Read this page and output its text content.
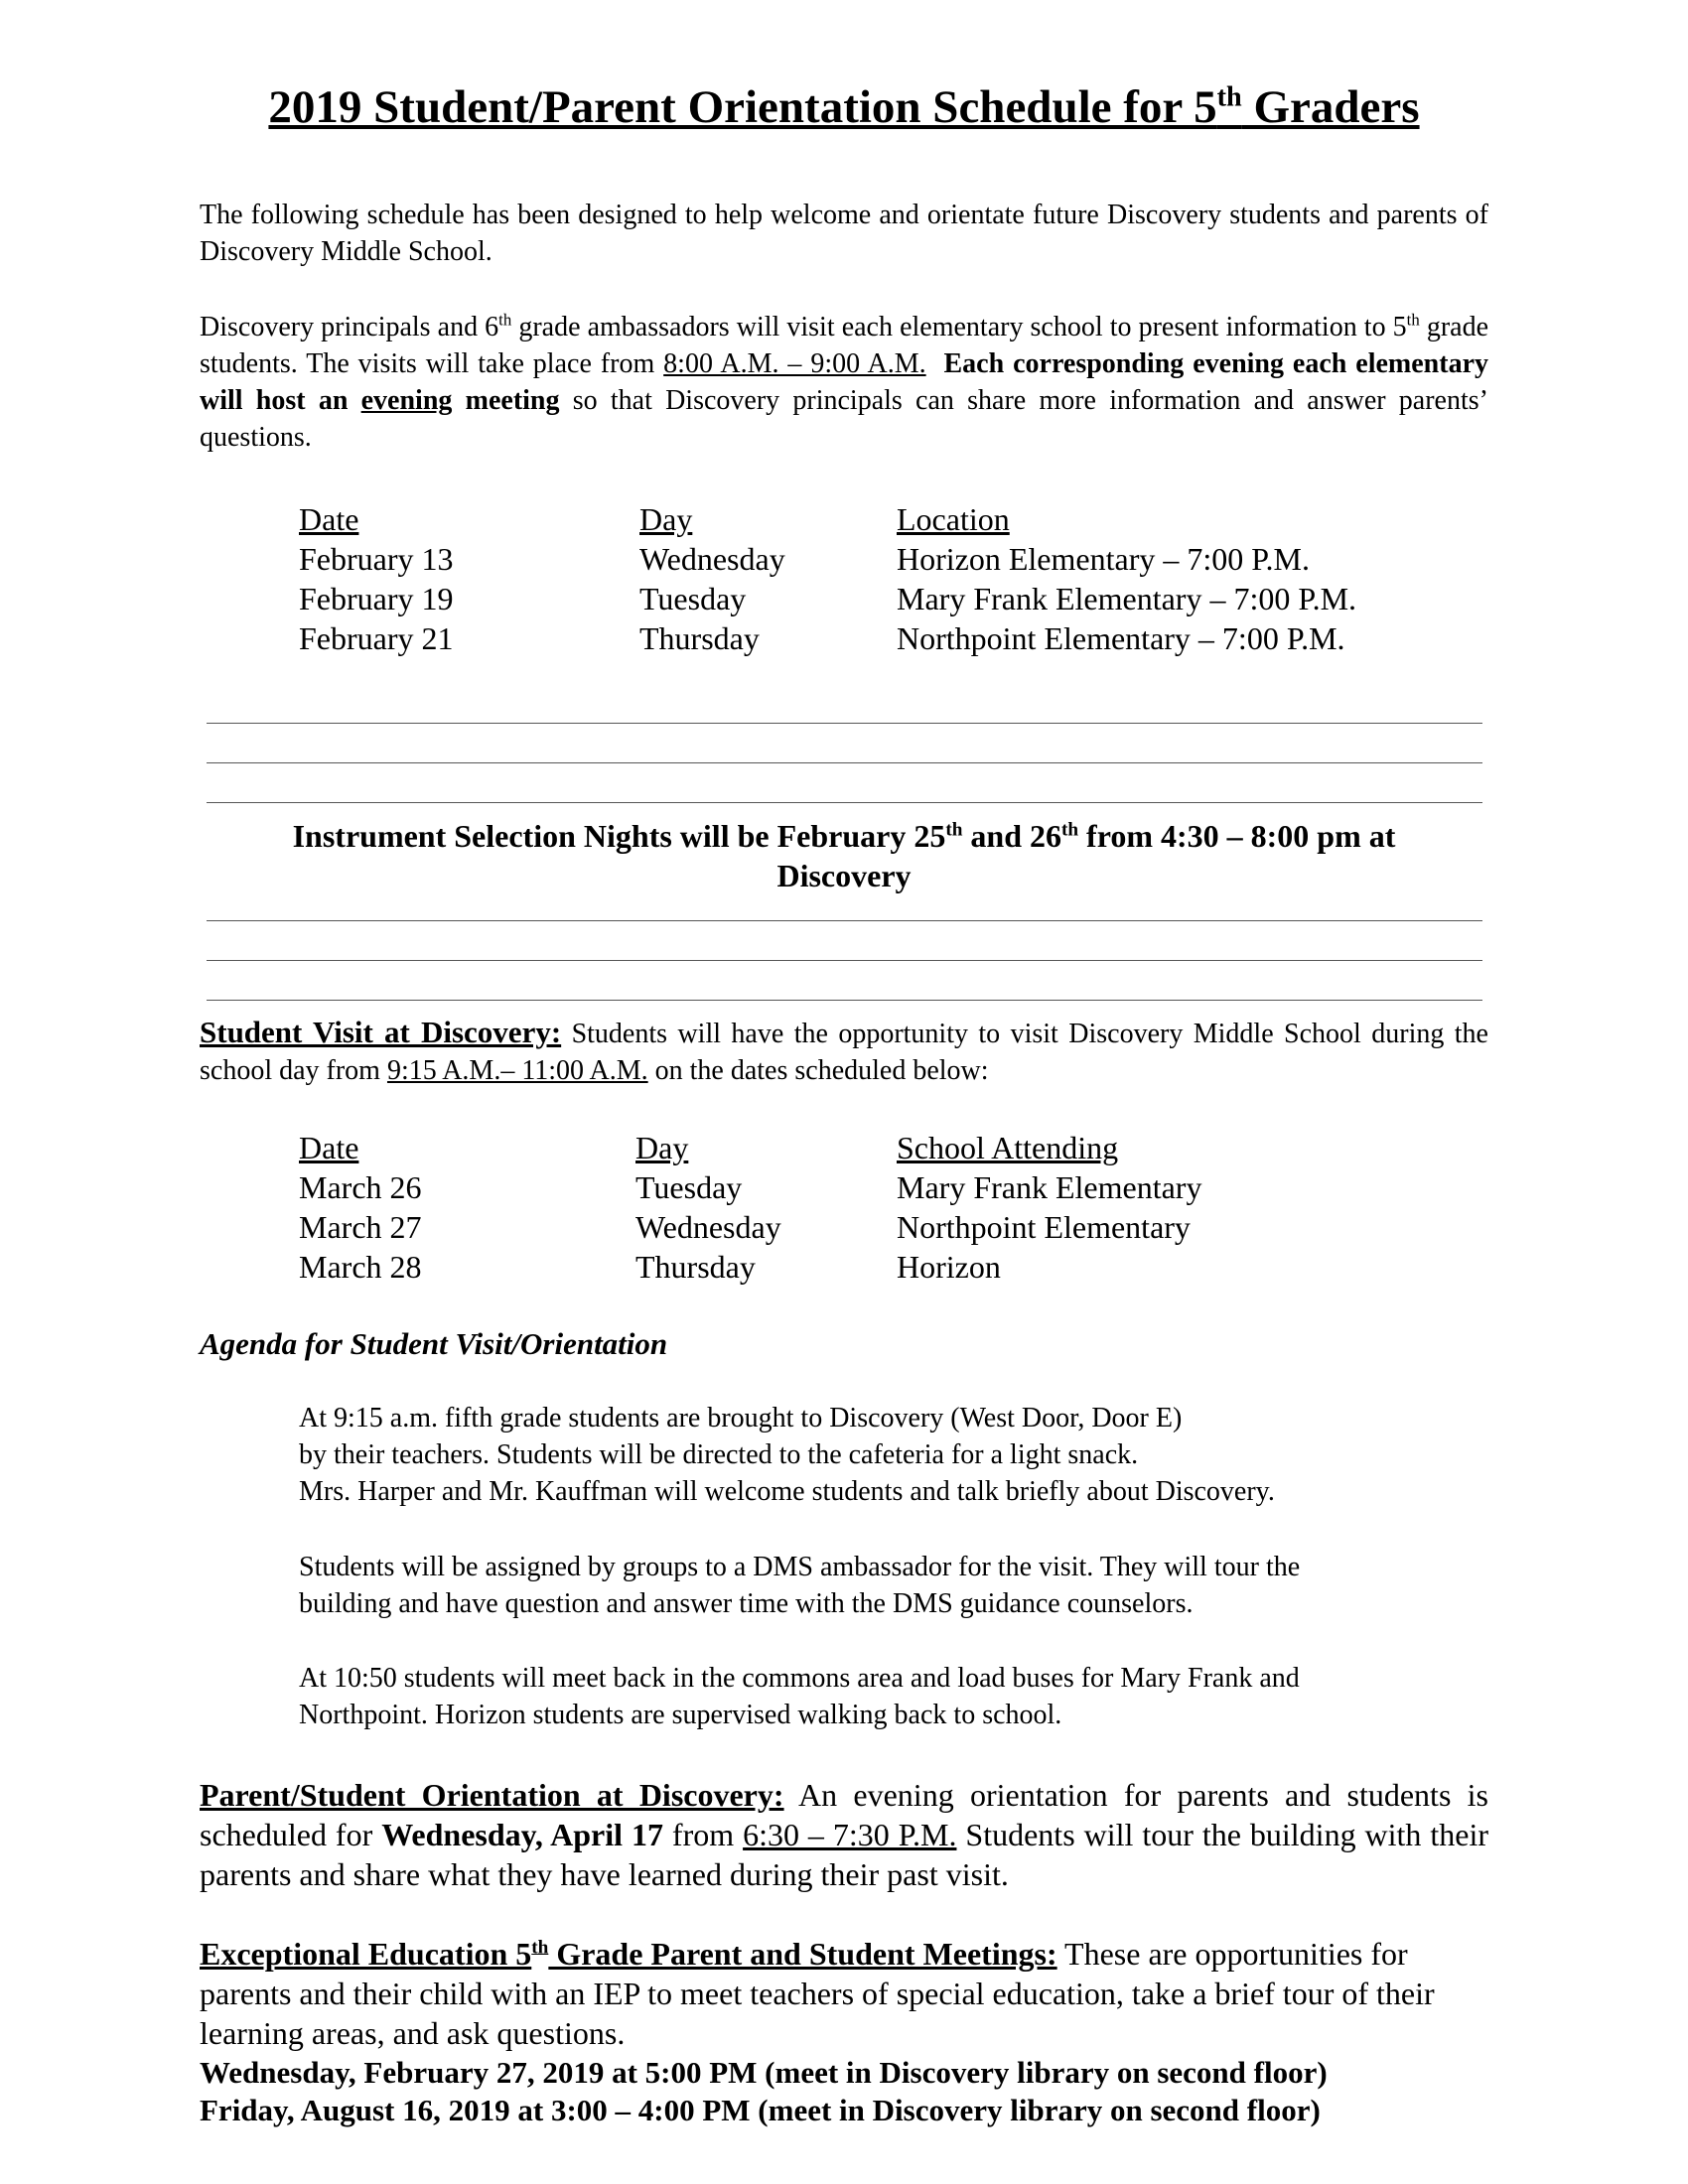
2019 Student/Parent Orientation Schedule for 5th Graders
The following schedule has been designed to help welcome and orientate future Discovery students and parents of Discovery Middle School.
Discovery principals and 6th grade ambassadors will visit each elementary school to present information to 5th grade students. The visits will take place from 8:00 A.M. – 9:00 A.M. Each corresponding evening each elementary will host an evening meeting so that Discovery principals can share more information and answer parents’ questions.
Date	Day	Location
February 13	Wednesday	Horizon Elementary – 7:00 P.M.
February 19	Tuesday	Mary Frank Elementary – 7:00 P.M.
February 21	Thursday	Northpoint Elementary – 7:00 P.M.
Instrument Selection Nights will be February 25th and 26th from 4:30 – 8:00 pm at
Discovery
Student Visit at Discovery: Students will have the opportunity to visit Discovery Middle School during the school day from 9:15 A.M.– 11:00 A.M. on the dates scheduled below:
Date	Day	School Attending
March 26	Tuesday	Mary Frank Elementary
March 27	Wednesday	Northpoint Elementary
March 28	Thursday	Horizon
Agenda for Student Visit/Orientation
At 9:15 a.m. fifth grade students are brought to Discovery (West Door, Door E)
by their teachers. Students will be directed to the cafeteria for a light snack.
Mrs. Harper and Mr. Kauffman will welcome students and talk briefly about Discovery.
Students will be assigned by groups to a DMS ambassador for the visit. They will tour the
building and have question and answer time with the DMS guidance counselors.
At 10:50 students will meet back in the commons area and load buses for Mary Frank and
Northpoint. Horizon students are supervised walking back to school.
Parent/Student Orientation at Discovery: An evening orientation for parents and students is scheduled for Wednesday, April 17 from 6:30 – 7:30 P.M. Students will tour the building with their parents and share what they have learned during their past visit.
Exceptional Education 5th Grade Parent and Student Meetings: These are opportunities for parents and their child with an IEP to meet teachers of special education, take a brief tour of their learning areas, and ask questions.
Wednesday, February 27, 2019 at 5:00 PM (meet in Discovery library on second floor)
Friday, August 16, 2019 at 3:00 – 4:00 PM (meet in Discovery library on second floor)
